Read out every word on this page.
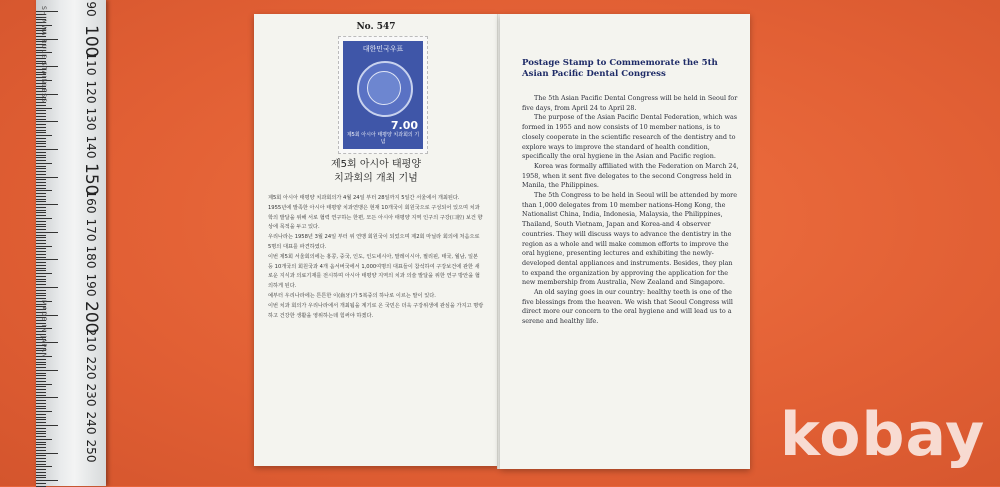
SHINWA RULE STAINLESS
MADE IN JAPAN
90
100
110
120
130
140
150
160
170
180
190
200
210
220
230
240
250
No. 547
대한민국우표
7.00
제5회 아시아 태평양 치과회의 기념
제5회 아시아 태평양
치과회의 개최 기념

제5회 아시아 태평양 치과회의가 4월 24일 부터 28일까지 5일간 서울에서 개최된다.

1955년에 발족한 아시아 태평양 치과연맹은 현재 10개국이 회원국으로 구성되어 있으며 치과학의 발달을 위해 서로 협력 연구하는 한편, 모든 아시아 태평양 지역 인구의 구강(口腔) 보건 향상에 목적을 두고 있다.

우리나라는 1958년 3월 24일 부터 위 연맹 회원국이 되었으며 제2회 마닐라 회의에 처음으로 5명의 대표를 파견하였다.

이번 제5회 서울회의에는 홍콩, 중국, 인도, 인도네시아, 말레이시아, 필리핀, 태국, 월남, 일본 등 10개국의 회원국과 4개 옵서버국에서 1,000여명의 대표들이 참석하여 구강보건에 관한 새로운 지식과 의료기재를 전시하며 아시아 태평양 지역의 치과 의술 발달을 위한 연구 방안을 협의하게 된다.

예부터 우리나라에는 튼튼한 이(齒牙)가 5복중의 하나로 이르는 말이 있다.

이번 치과 회의가 우리나라에서 개최됨을 계기로 온 국민은 더욱 구강위생에 관심을 가지고 명랑하고 건강한 생활을 영위하는데 힘써야 하겠다.

Postage Stamp to Commemorate the 5th Asian Pacific Dental Congress

The 5th Asian Pacific Dental Congress will be held in Seoul for five days, from April 24 to April 28.

The purpose of the Asian Pacific Dental Federation, which was formed in 1955 and now consists of 10 member nations, is to closely cooperate in the scientific research of the dentistry and to explore ways to improve the standard of health condition, specifically the oral hygiene in the Asian and Pacific region.

Korea was formally affiliated with the Federation on March 24, 1958, when it sent five delegates to the second Congress held in Manila, the Philippines.

The 5th Congress to be held in Seoul will be attended by more than 1,000 delegates from 10 member nations-Hong Kong, the Nationalist China, India, Indonesia, Malaysia, the Philippines, Thailand, South Vietnam, Japan and Korea-and 4 observer countries. They will discuss ways to advance the dentistry in the region as a whole and will make common efforts to improve the oral hygiene, presenting lectures and exhibiting the newly-developed dental appliances and instruments. Besides, they plan to expand the organization by approving the application for the new membership from Australia, New Zealand and Singapore.

An old saying goes in our country: healthy teeth is one of the five blessings from the heaven. We wish that Seoul Congress will direct more our concern to the oral hygiene and will lead us to a serene and healthy life.

kobay
